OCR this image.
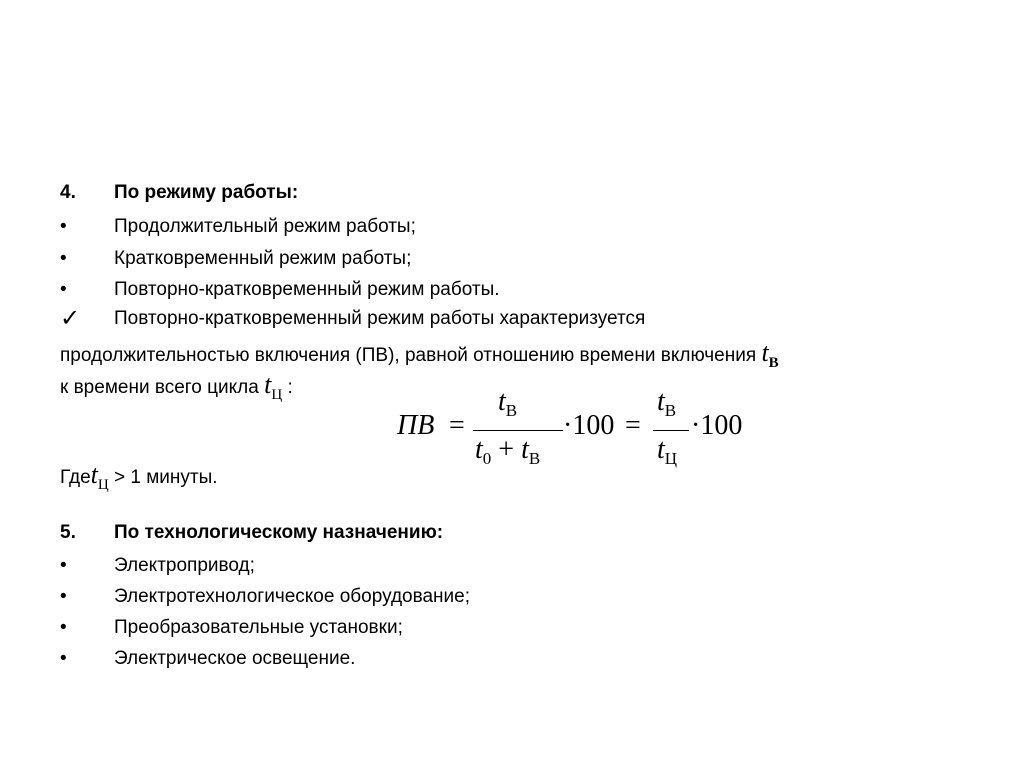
4.	По режиму работы:
•	Продолжительный режим работы;
•	Кратковременный режим работы;
•	Повторно-кратковременный режим работы.
✓	Повторно-кратковременный режим работы характеризуется
продолжительностью включения (ПВ), равной отношению времени включения $t_В$
к времени всего цикла $t_Ц$ :
ПВ =
$t_В$
$t_0 + t_В$
·100 =
$t_В$
$t_Ц$
·100
Гдеt$_Ц$ > 1 минуты.
5.	По технологическому назначению:
•	Электропривод;
•	Электротехнологическое оборудование;
•	Преобразовательные установки;
•	Электрическое освещение.
